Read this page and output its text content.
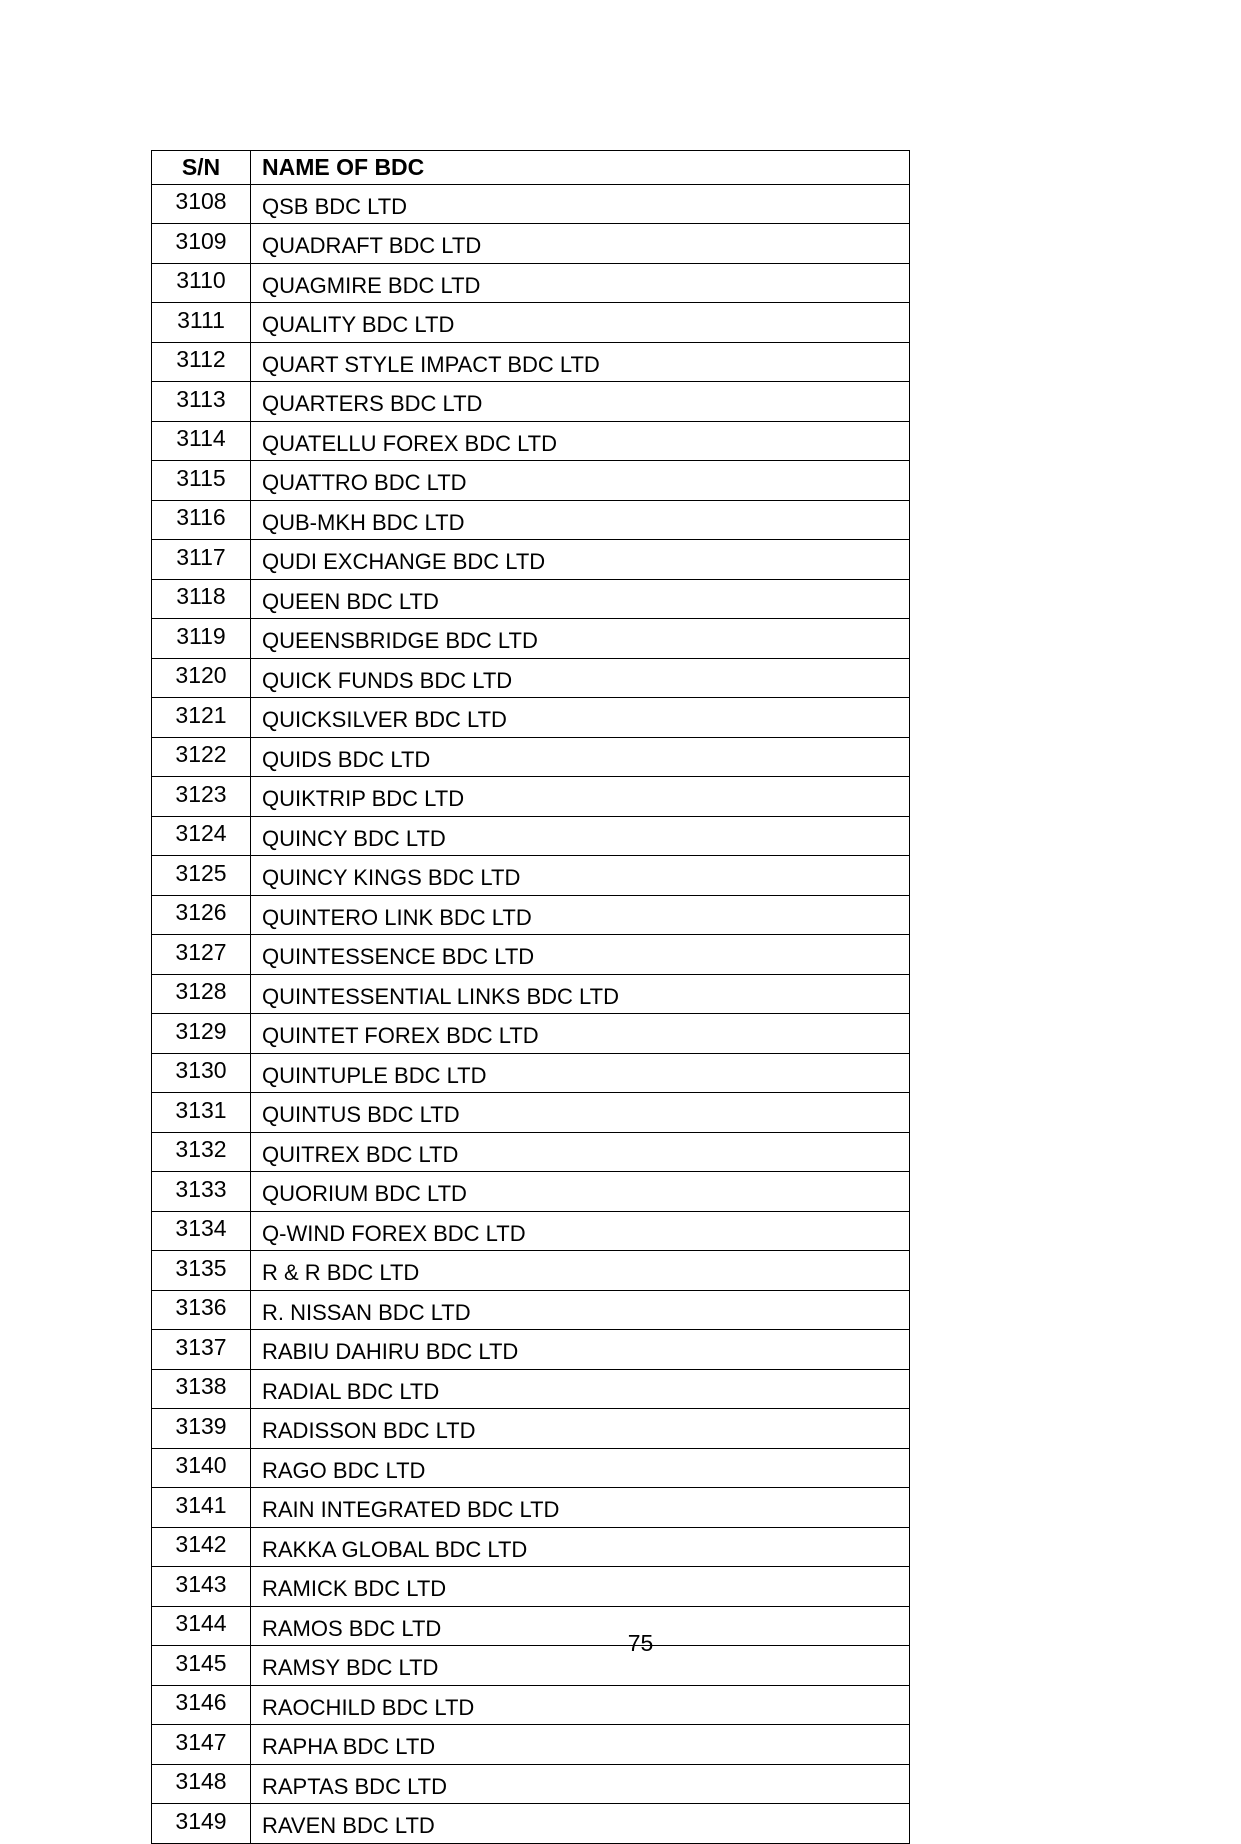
S/N	NAME OF BDC
3108	QSB BDC LTD
3109	QUADRAFT BDC LTD
3110	QUAGMIRE BDC LTD
3111	QUALITY BDC LTD
3112	QUART STYLE IMPACT BDC LTD
3113	QUARTERS BDC LTD
3114	QUATELLU FOREX BDC LTD
3115	QUATTRO BDC LTD
3116	QUB-MKH BDC LTD
3117	QUDI EXCHANGE BDC LTD
3118	QUEEN BDC LTD
3119	QUEENSBRIDGE BDC LTD
3120	QUICK FUNDS BDC LTD
3121	QUICKSILVER BDC LTD
3122	QUIDS BDC LTD
3123	QUIKTRIP BDC LTD
3124	QUINCY BDC LTD
3125	QUINCY KINGS BDC LTD
3126	QUINTERO LINK BDC LTD
3127	QUINTESSENCE BDC LTD
3128	QUINTESSENTIAL LINKS BDC LTD
3129	QUINTET FOREX BDC LTD
3130	QUINTUPLE BDC LTD
3131	QUINTUS BDC LTD
3132	QUITREX BDC LTD
3133	QUORIUM BDC LTD
3134	Q-WIND FOREX BDC LTD
3135	R & R BDC LTD
3136	R. NISSAN BDC LTD
3137	RABIU DAHIRU BDC LTD
3138	RADIAL BDC LTD
3139	RADISSON BDC LTD
3140	RAGO BDC LTD
3141	RAIN INTEGRATED BDC LTD
3142	RAKKA GLOBAL BDC LTD
3143	RAMICK BDC LTD
3144	RAMOS BDC LTD
3145	RAMSY BDC LTD
3146	RAOCHILD BDC LTD
3147	RAPHA BDC LTD
3148	RAPTAS BDC LTD
3149	RAVEN BDC LTD
75
